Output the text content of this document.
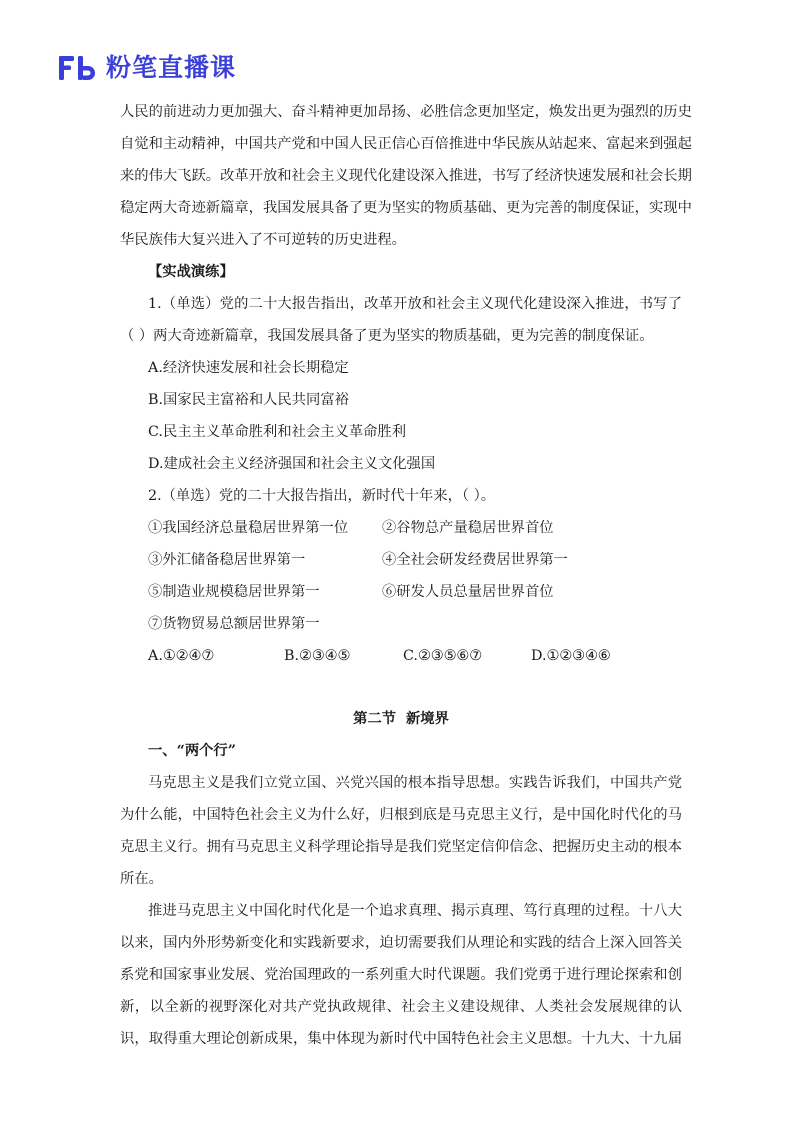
粉笔直播课
人民的前进动力更加强大、奋斗精神更加昂扬、必胜信念更加坚定，焕发出更为强烈的历史
自觉和主动精神，中国共产党和中国人民正信心百倍推进中华民族从站起来、富起来到强起
来的伟大飞跃。改革开放和社会主义现代化建设深入推进，书写了经济快速发展和社会长期
稳定两大奇迹新篇章，我国发展具备了更为坚实的物质基础、更为完善的制度保证，实现中
华民族伟大复兴进入了不可逆转的历史进程。
【实战演练】
1.（单选）党的二十大报告指出，改革开放和社会主义现代化建设深入推进，书写了
（ ）两大奇迹新篇章，我国发展具备了更为坚实的物质基础，更为完善的制度保证。
A.经济快速发展和社会长期稳定
B.国家民主富裕和人民共同富裕
C.民主主义革命胜利和社会主义革命胜利
D.建成社会主义经济强国和社会主义文化强国
2.（单选）党的二十大报告指出，新时代十年来，（ ）。
①我国经济总量稳居世界第一位 ②谷物总产量稳居世界首位
③外汇储备稳居世界第一	④全社会研发经费居世界第一
⑤制造业规模稳居世界第一	⑥研发人员总量居世界首位
⑦货物贸易总额居世界第一
A.①②④⑦	B.②③④⑤	C.②③⑤⑥⑦	D.①②③④⑥
第二节  新境界
一、“两个行”
马克思主义是我们立党立国、兴党兴国的根本指导思想。实践告诉我们，中国共产党
为什么能，中国特色社会主义为什么好，归根到底是马克思主义行，是中国化时代化的马
克思主义行。拥有马克思主义科学理论指导是我们党坚定信仰信念、把握历史主动的根本
所在。
推进马克思主义中国化时代化是一个追求真理、揭示真理、笃行真理的过程。十八大
以来，国内外形势新变化和实践新要求，迫切需要我们从理论和实践的结合上深入回答关
系党和国家事业发展、党治国理政的一系列重大时代课题。我们党勇于进行理论探索和创
新，以全新的视野深化对共产党执政规律、社会主义建设规律、人类社会发展规律的认
识，取得重大理论创新成果，集中体现为新时代中国特色社会主义思想。十九大、十九届
